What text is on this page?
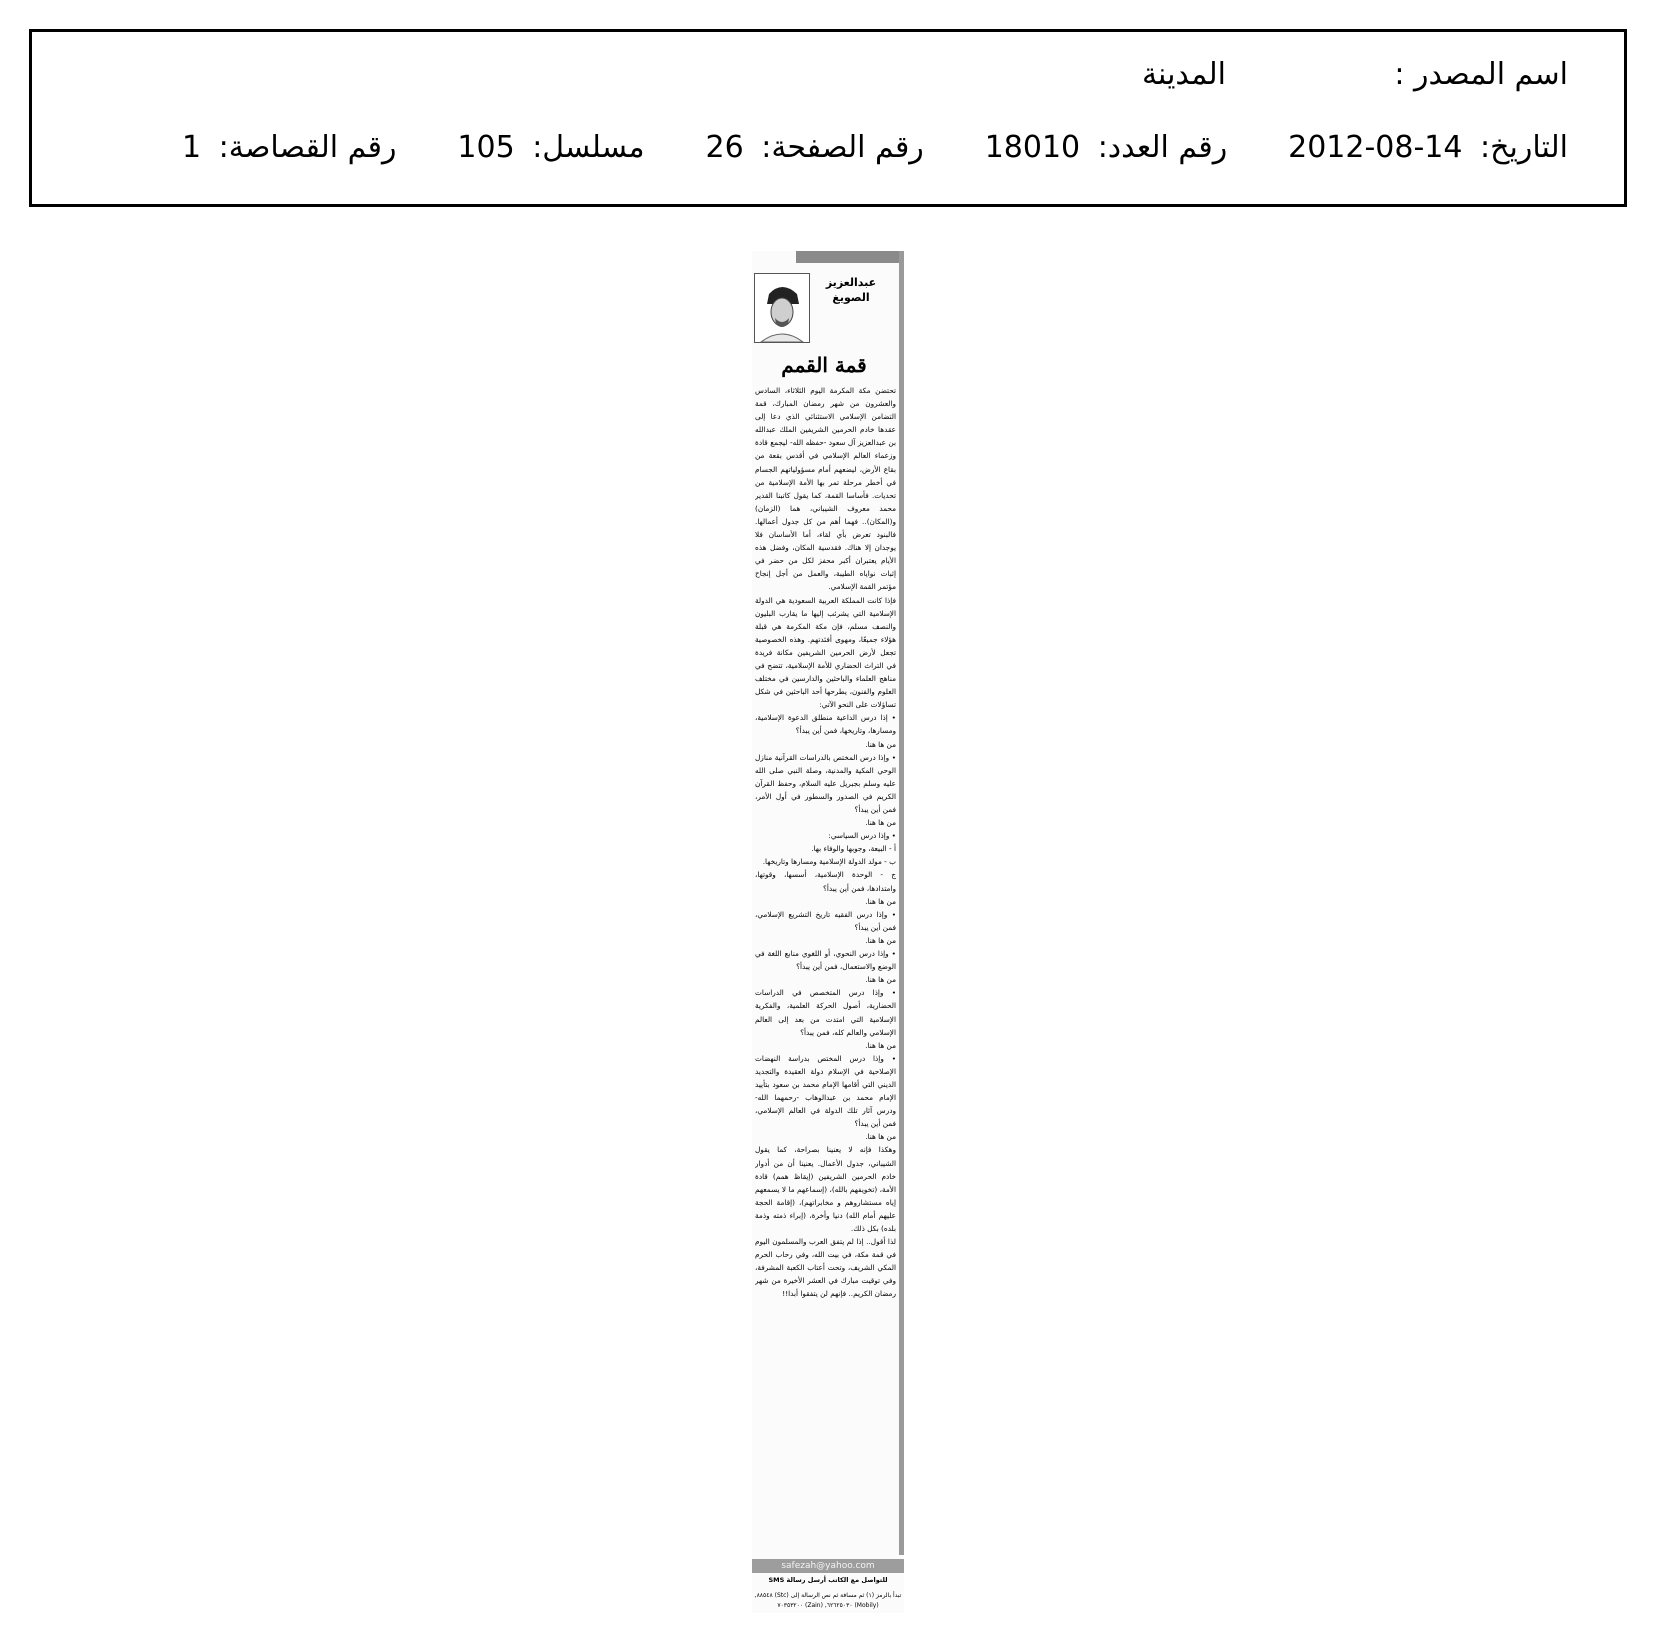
اسم المصدر :
المدينة
التاريخ: 2012-08-14
رقم العدد: 18010
رقم الصفحة: 26
مسلسل: 105
رقم القصاصة: 1
عبدالعزيز
الصويغ
قمة القمم

تحتضن مكة المكرمة اليوم الثلاثاء، السادس والعشرون من شهر رمضان المبارك، قمة التضامن الإسلامي الاستثنائي الذي دعا إلى عقدها خادم الحرمين الشريفين الملك عبدالله بن عبدالعزيز آل سعود -حفظه الله- ليجمع قادة وزعماء العالم الإسلامي في أقدس بقعة من بقاع الأرض، ليضعهم أمام مسؤولياتهم الجسام في أخطر مرحلة تمر بها الأمة الإسلامية من تحديات. فأساسا القمة، كما يقول كاتبنا القدير محمد معروف الشيباني، هما (الزمان) و(المكان).. فهما أهم من كل جدول أعمالها. فالبنود تعرض بأي لقاء، أما الأساسان فلا يوجدان إلا هناك. فقدسية المكان، وفضل هذه الأيام يعتبران أكبر محفز لكل من حضر في إثبات نواياه الطيبة، والعمل من أجل إنجاح مؤتمر القمة الإسلامي.

فإذا كانت المملكة العربية السعودية هي الدولة الإسلامية التي يشرئب إليها ما يقارب البليون والنصف مسلم، فإن مكة المكرمة هي قبلة هؤلاء جميعًا، ومهوى أفئدتهم. وهذه الخصوصية تجعل لأرض الحرمين الشريفين مكانة فريدة في التراث الحضاري للأمة الإسلامية، تتضح في مناهج العلماء والباحثين والدارسين في مختلف العلوم والفنون، يطرحها أحد الباحثين في شكل تساؤلات على النحو الآتي:

• إذا درس الداعية منطلق الدعوة الإسلامية، ومسارها، وتاريخها، فمن أين يبدأ؟

من ها هنا.

• وإذا درس المختص بالدراسات القرآنية منازل الوحي المكية والمدنية، وصلة النبي صلى الله عليه وسلم بجبريل عليه السلام، وحفظ القرآن الكريم في الصدور والسطور في أول الأمر، فمن أين يبدأ؟

من ها هنا.

• وإذا درس السياسي:

أ - البيعة، وجوبها والوفاء بها.

ب - مولد الدولة الإسلامية ومسارها وتاريخها.

ج - الوحدة الإسلامية، أسسها، وقوتها، وامتدادها، فمن أين يبدأ؟

من ها هنا.

• وإذا درس الفقيه تاريخ التشريع الإسلامي، فمن أين يبدأ؟

من ها هنا.

• وإذا درس النحوي، أو اللغوي منابع اللغة في الوضع والاستعمال، فمن أين يبدأ؟

من ها هنا.

• وإذا درس المتخصص في الدراسات الحضارية، أصول الحركة العلمية، والفكرية الإسلامية التي امتدت من بعد إلى العالم الإسلامي والعالم كله، فمن يبدأ؟

من ها هنا.

• وإذا درس المختص بدراسة النهضات الإصلاحية في الإسلام دولة العقيدة والتجديد الديني التي أقامها الإمام محمد بن سعود بتأييد الإمام محمد بن عبدالوهاب -رحمهما الله- ودرس آثار تلك الدولة في العالم الإسلامي، فمن أين يبدأ؟

من ها هنا.

وهكذا فإنه لا يعنينا بصراحة، كما يقول الشيباني، جدول الأعمال. يعنينا أن من أدوار خادم الحرمين الشريفين (إيقاظ همم) قادة الأمة، (تخويفهم بالله)، (إسماعهم ما لا يسمعهم إياه مستشاروهم و مخابراتهم)، (إقامة الحجة عليهم أمام الله) دنيا وأخرة، (إبراء ذمته وذمة بلده) بكل ذلك.

لذا أقول.. إذا لم يتفق العرب والمسلمون اليوم في قمة مكة، في بيت الله، وفي رحاب الحرم المكي الشريف، وتحت أعتاب الكعبة المشرفة، وفي توقيت مبارك في العشر الأخيرة من شهر رمضان الكريم.. فإنهم لن يتفقوا أبدا!!

safezah@yahoo.com
للتواصل مع الكاتب أرسل رسالة SMS
تبدأ بالرمز (١) ثم مسافة ثم نص الرسالة إلى (Stc) ٨٨٥٤٨, (Mobily) ٦٢٦٢٥٠٣٠, (Zain) ٧٠٣٥٣٢٠٠
